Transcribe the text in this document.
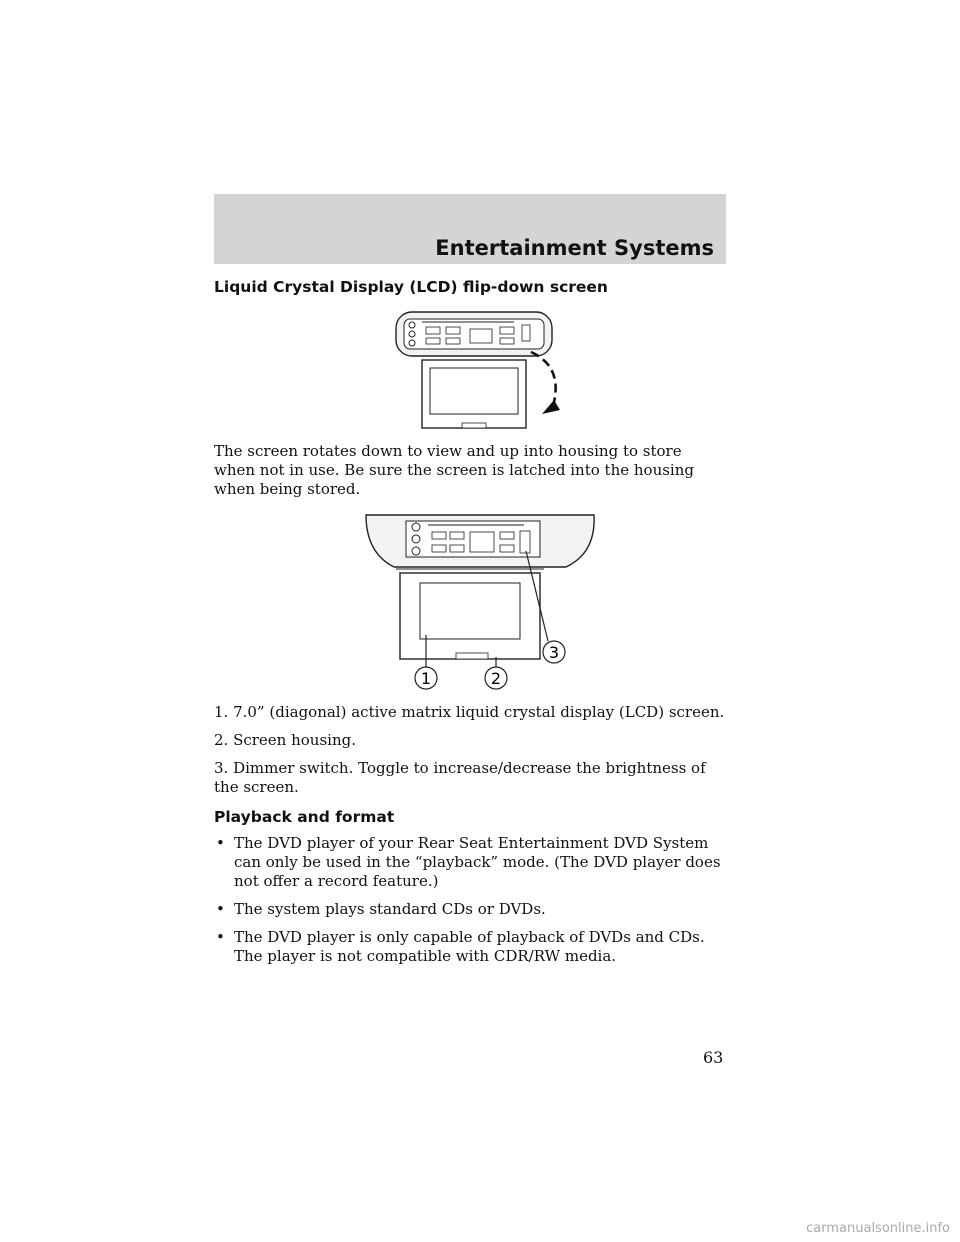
Entertainment Systems
Liquid Crystal Display (LCD) flip-down screen

The screen rotates down to view and up into housing to store when not in use. Be sure the screen is latched into the housing when being stored.

1	2
3

1. 7.0” (diagonal) active matrix liquid crystal display (LCD) screen.

2. Screen housing.

3. Dimmer switch. Toggle to increase/decrease the brightness of the screen.

Playback and format
• The DVD player of your Rear Seat Entertainment DVD System can only be used in the “playback” mode. (The DVD player does not offer a record feature.)
• The system plays standard CDs or DVDs.
• The DVD player is only capable of playback of DVDs and CDs. The player is not compatible with CDR/RW media.
63
carmanualsonline.info
